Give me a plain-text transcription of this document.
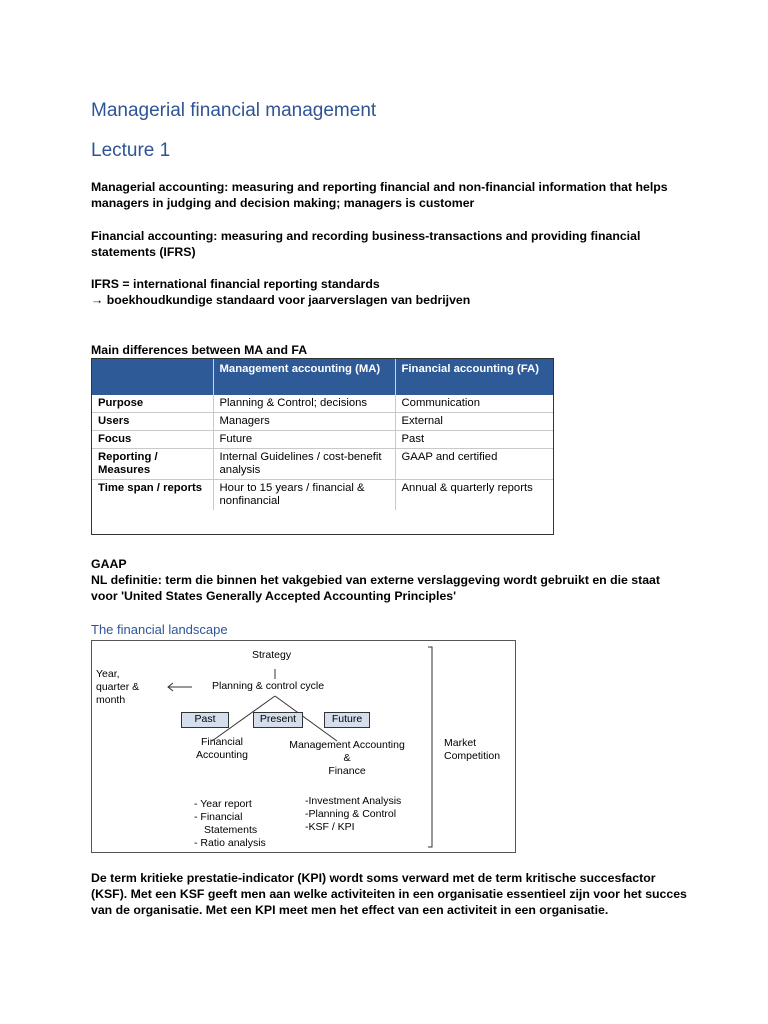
Managerial financial management
Lecture 1
Managerial accounting: measuring and reporting financial and non-financial information that helps
managers in judging and decision making; managers is customer
Financial accounting: measuring and recording business-transactions and providing financial
statements (IFRS)
IFRS = international financial reporting standards
→ boekhoudkundige standaard voor jaarverslagen van bedrijven
Main differences between MA and FA
	Management accounting (MA)	Financial accounting (FA)
Purpose	Planning & Control; decisions	Communication
Users	Managers	External
Focus	Future	Past
Reporting / Measures	Internal Guidelines / cost-benefit analysis	GAAP and certified
Time span / reports	Hour to 15 years / financial & nonfinancial	Annual & quarterly reports
GAAP
NL definitie: term die binnen het vakgebied van externe verslaggeving wordt gebruikt en die staat
voor 'United States Generally Accepted Accounting Principles'
The financial landscape
Strategy
Planning & control cycle
Year,
quarter &
month
Past	Present	Future
Financial
Accounting
Management Accounting
&
Finance
Market
Competition
- Year report
- Financial
Statements
- Ratio analysis
-Investment Analysis
-Planning & Control
-KSF / KPI
De term kritieke prestatie-indicator (KPI) wordt soms verward met de term kritische succesfactor
(KSF). Met een KSF geeft men aan welke activiteiten in een organisatie essentieel zijn voor het succes
van de organisatie. Met een KPI meet men het effect van een activiteit in een organisatie.
